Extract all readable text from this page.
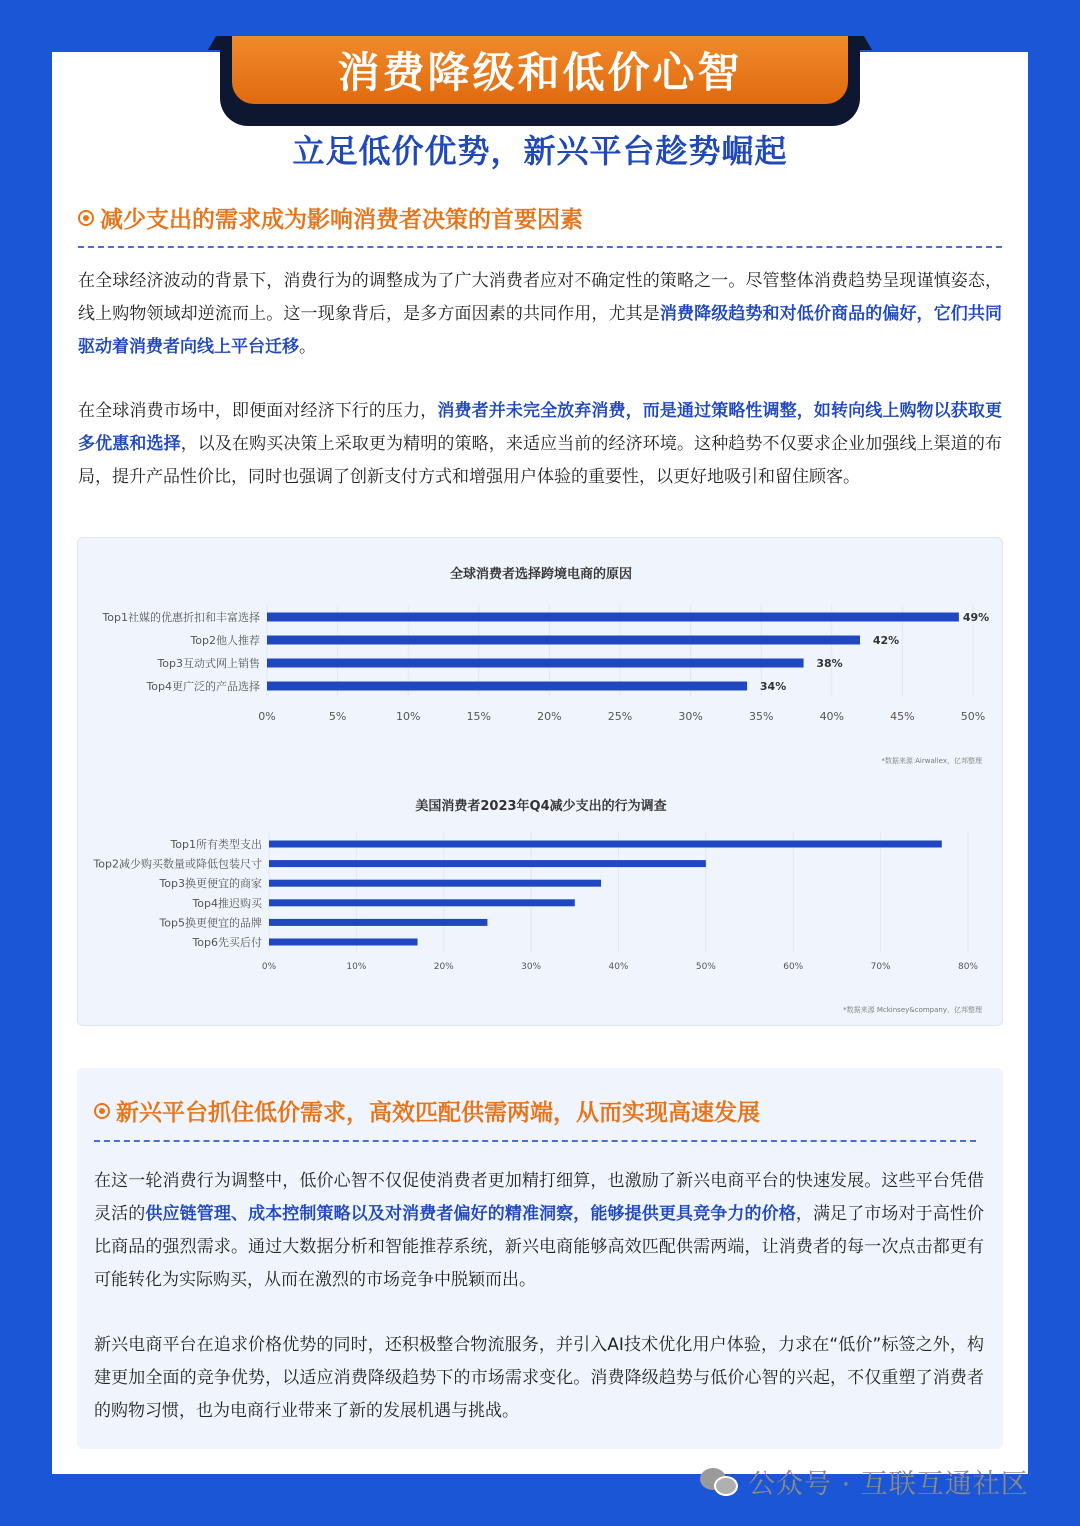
消费降级和低价心智
立足低价优势，新兴平台趁势崛起
减少支出的需求成为影响消费者决策的首要因素

在全球经济波动的背景下，消费行为的调整成为了广大消费者应对不确定性的策略之一。尽管整体消费趋势呈现谨慎姿态，线上购物领域却逆流而上。这一现象背后，是多方面因素的共同作用，尤其是消费降级趋势和对低价商品的偏好，它们共同驱动着消费者向线上平台迁移。

在全球消费市场中，即便面对经济下行的压力，消费者并未完全放弃消费，而是通过策略性调整，如转向线上购物以获取更多优惠和选择，以及在购买决策上采取更为精明的策略，来适应当前的经济环境。这种趋势不仅要求企业加强线上渠道的布局，提升产品性价比，同时也强调了创新支付方式和增强用户体验的重要性，以更好地吸引和留住顾客。

全球消费者选择跨境电商的原因
0%	5%	10%	15%	20%	25%	30%	35%	40%	45%	50%
Top1社媒的优惠折扣和丰富选择	49%
Top2他人推荐	42%
Top3互动式网上销售	38%
Top4更广泛的产品选择	34%
*数据来源 Airwallex，亿邦整理
美国消费者2023年Q4减少支出的行为调查
0%	10%	20%	30%	40%	50%	60%	70%	80%
Top1所有类型支出
Top2减少购买数量或降低包装尺寸
Top3换更便宜的商家
Top4推迟购买
Top5换更便宜的品牌
Top6先买后付
*数据来源 Mckinsey&company，亿邦整理
新兴平台抓住低价需求，高效匹配供需两端，从而实现高速发展

在这一轮消费行为调整中，低价心智不仅促使消费者更加精打细算，也激励了新兴电商平台的快速发展。这些平台凭借灵活的供应链管理、成本控制策略以及对消费者偏好的精准洞察，能够提供更具竞争力的价格，满足了市场对于高性价比商品的强烈需求。通过大数据分析和智能推荐系统，新兴电商能够高效匹配供需两端，让消费者的每一次点击都更有可能转化为实际购买，从而在激烈的市场竞争中脱颖而出。

新兴电商平台在追求价格优势的同时，还积极整合物流服务，并引入AI技术优化用户体验，力求在“低价”标签之外，构建更加全面的竞争优势，以适应消费降级趋势下的市场需求变化。消费降级趋势与低价心智的兴起，不仅重塑了消费者的购物习惯，也为电商行业带来了新的发展机遇与挑战。

公众号 · 互联互通社区
